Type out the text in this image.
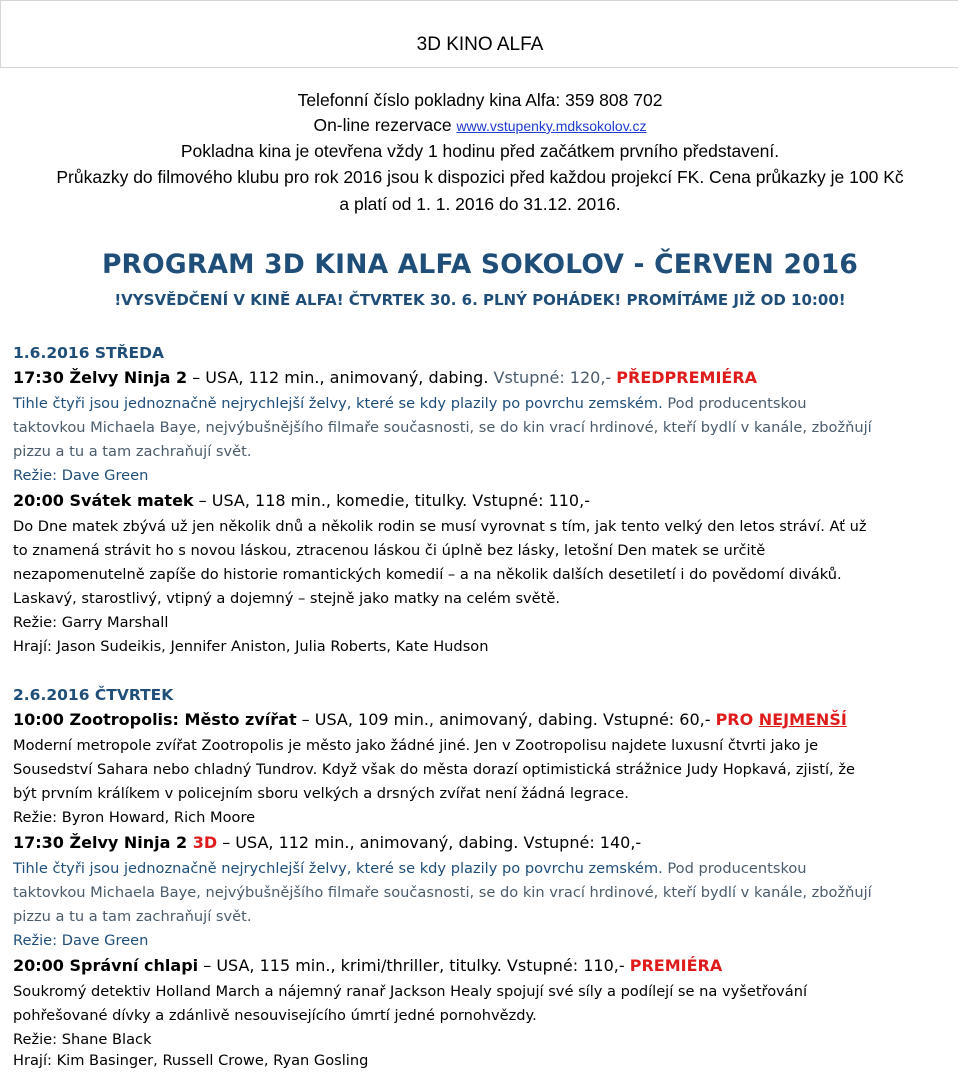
3D KINO ALFA
Telefonní číslo pokladny kina Alfa: 359 808 702
On-line rezervace www.vstupenky.mdksokolov.cz
Pokladna kina je otevřena vždy 1 hodinu před začátkem prvního představení.
Průkazky do filmového klubu pro rok 2016 jsou k dispozici před každou projekcí FK. Cena průkazky je 100 Kč
a platí od 1. 1. 2016 do 31.12. 2016.
PROGRAM 3D KINA ALFA SOKOLOV - ČERVEN 2016
!VYSVĚDČENÍ V KINĚ ALFA! ČTVRTEK 30. 6. PLNÝ POHÁDEK! PROMÍTÁME JIŽ OD 10:00!
1.6.2016 STŘEDA
17:30 Želvy Ninja 2 – USA, 112 min., animovaný, dabing. Vstupné: 120,- PŘEDPREMIÉRA
Tihle čtyři jsou jednoznačně nejrychlejší želvy, které se kdy plazily po povrchu zemském. Pod producentskou
taktovkou Michaela Baye, nejvýbušnějšího filmaře současnosti, se do kin vrací hrdinové, kteří bydlí v kanále, zbožňují
pizzu a tu a tam zachraňují svět.
Režie: Dave Green
20:00 Svátek matek – USA, 118 min., komedie, titulky. Vstupné: 110,-
Do Dne matek zbývá už jen několik dnů a několik rodin se musí vyrovnat s tím, jak tento velký den letos stráví. Ať už
to znamená strávit ho s novou láskou, ztracenou láskou či úplně bez lásky, letošní Den matek se určitě
nezapomenutelně zapíše do historie romantických komedií – a na několik dalších desetiletí i do povědomí diváků.
Laskavý, starostlivý, vtipný a dojemný – stejně jako matky na celém světě.
Režie: Garry Marshall
Hrají: Jason Sudeikis, Jennifer Aniston, Julia Roberts, Kate Hudson
2.6.2016 ČTVRTEK
10:00 Zootropolis: Město zvířat – USA, 109 min., animovaný, dabing. Vstupné: 60,- PRO NEJMENŠÍ
Moderní metropole zvířat Zootropolis je město jako žádné jiné. Jen v Zootropolisu najdete luxusní čtvrti jako je
Sousedství Sahara nebo chladný Tundrov. Když však do města dorazí optimistická strážnice Judy Hopkavá, zjistí, že
být prvním králíkem v policejním sboru velkých a drsných zvířat není žádná legrace.
Režie: Byron Howard, Rich Moore
17:30 Želvy Ninja 2 3D – USA, 112 min., animovaný, dabing. Vstupné: 140,-
Tihle čtyři jsou jednoznačně nejrychlejší želvy, které se kdy plazily po povrchu zemském. Pod producentskou
taktovkou Michaela Baye, nejvýbušnějšího filmaře současnosti, se do kin vrací hrdinové, kteří bydlí v kanále, zbožňují
pizzu a tu a tam zachraňují svět.
Režie: Dave Green
20:00 Správní chlapi – USA, 115 min., krimi/thriller, titulky. Vstupné: 110,- PREMIÉRA
Soukromý detektiv Holland March a nájemný ranař Jackson Healy spojují své síly a podílejí se na vyšetřování
pohřešované dívky a zdánlivě nesouvisejícího úmrtí jedné pornohvězdy.
Režie: Shane Black
Hrají: Kim Basinger, Russell Crowe, Ryan Gosling
